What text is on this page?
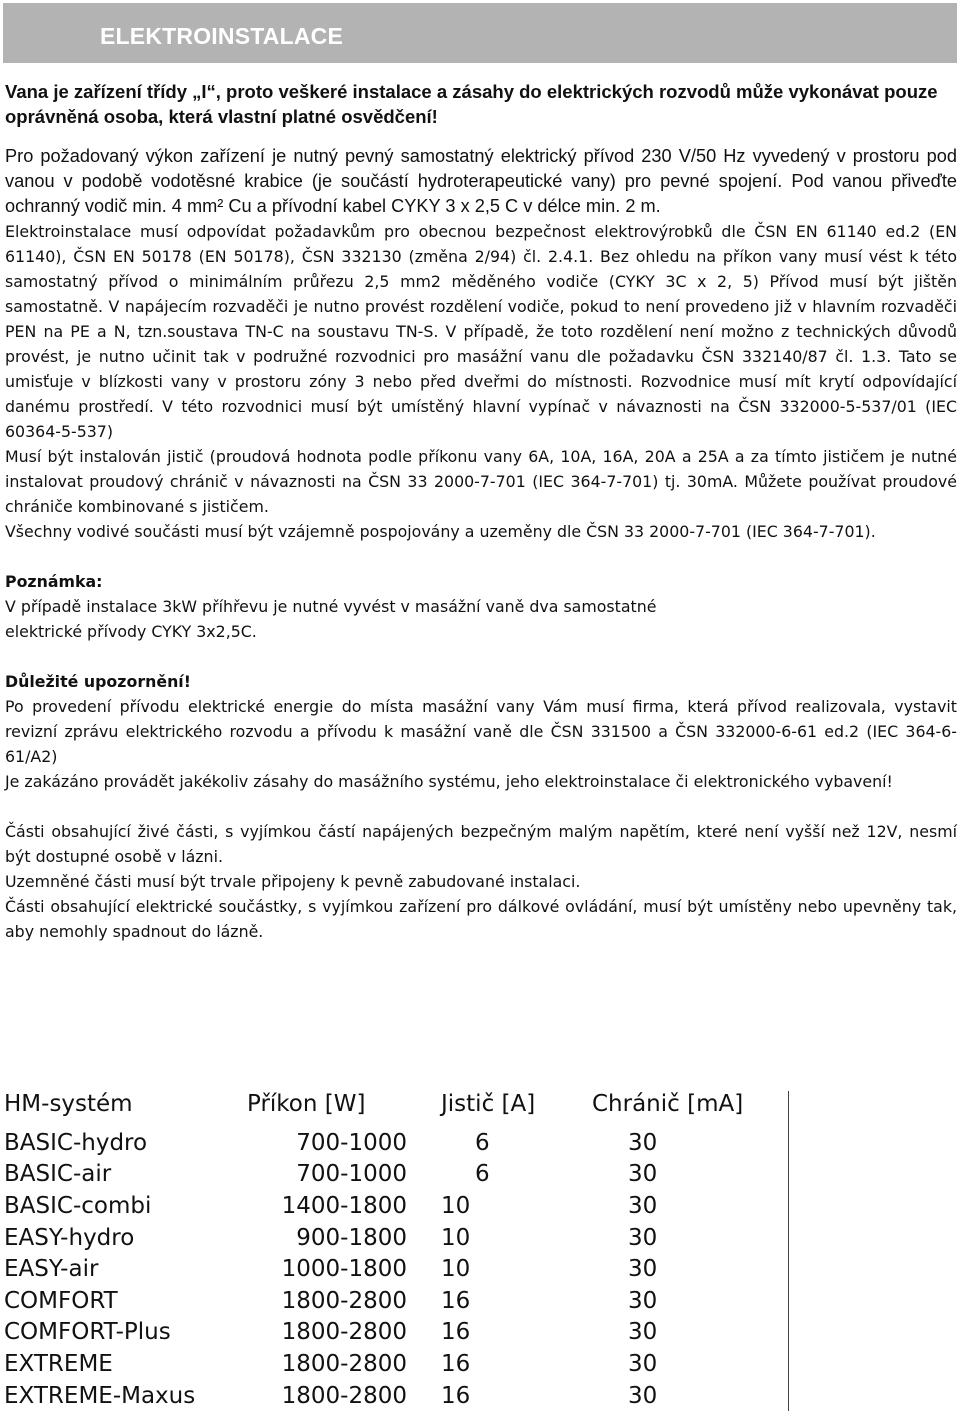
ELEKTROINSTALACE

Vana je zařízení třídy „I“, proto veškeré instalace a zásahy do elektrických rozvodů může vykonávat pouze oprávněná osoba, která vlastní platné osvědčení!

Pro požadovaný výkon zařízení je nutný pevný samostatný elektrický přívod 230 V/50 Hz vyvedený v prostoru pod vanou v podobě vodotěsné krabice (je součástí hydroterapeutické vany) pro pevné spojení. Pod vanou přiveďte ochranný vodič min. 4 mm² Cu a přívodní kabel CYKY 3 x 2,5 C v délce min. 2 m.

Elektroinstalace musí odpovídat požadavkům pro obecnou bezpečnost elektrovýrobků dle ČSN EN 61140 ed.2 (EN 61140), ČSN EN 50178 (EN 50178), ČSN 332130 (změna 2/94) čl. 2.4.1. Bez ohledu na příkon vany musí vést k této samostatný přívod o minimálním průřezu 2,5 mm2 měděného vodiče (CYKY 3C x 2, 5) Přívod musí být jištěn samostatně. V napájecím rozvaděči je nutno provést rozdělení vodiče, pokud to není provedeno již v hlavním rozvaděči PEN na PE a N, tzn.soustava TN-C na soustavu TN-S. V případě, že toto rozdělení není možno z technických důvodů provést, je nutno učinit tak v podružné rozvodnici pro masážní vanu dle požadavku ČSN 332140/87 čl. 1.3. Tato se umisťuje v blízkosti vany v prostoru zóny 3 nebo před dveřmi do místnosti. Rozvodnice musí mít krytí odpovídající danému prostředí. V této rozvodnici musí být umístěný hlavní vypínač v návaznosti na ČSN 332000-5-537/01 (IEC 60364-5-537)

Musí být instalován jistič (proudová hodnota podle příkonu vany 6A, 10A, 16A, 20A a 25A a za tímto jističem je nutné instalovat proudový chránič v návaznosti na ČSN 33 2000-7-701 (IEC 364-7-701) tj. 30mA. Můžete používat proudové chrániče kombinované s jističem.

Všechny vodivé součásti musí být vzájemně pospojovány a uzeměny dle ČSN 33 2000-7-701 (IEC 364-7-701).

Poznámka:

V případě instalace 3kW příhřevu je nutné vyvést v masážní vaně dva samostatné

elektrické přívody CYKY 3x2,5C.

Důležité upozornění!

Po provedení přívodu elektrické energie do místa masážní vany Vám musí firma, která přívod realizovala, vystavit revizní zprávu elektrického rozvodu a přívodu k masážní vaně dle ČSN 331500 a ČSN 332000-6-61 ed.2 (IEC 364-6-61/A2)

Je zakázáno provádět jakékoliv zásahy do masážního systému, jeho elektroinstalace či elektronického vybavení!

Části obsahující živé části, s vyjímkou částí napájených bezpečným malým napětím, které není vyšší než 12V, nesmí být dostupné osobě v lázni.

Uzemněné části musí být trvale připojeny k pevně zabudované instalaci.

Části obsahující elektrické součástky, s vyjímkou zařízení pro dálkové ovládání, musí být umístěny nebo upevněny tak, aby nemohly spadnout do lázně.

HM-systém	Příkon [W]	Jistič [A]	Chránič [mA]
BASIC-hydro	700-1000	6	30
BASIC-air	700-1000	6	30
BASIC-combi	1400-1800	10	30
EASY-hydro	900-1800	10	30
EASY-air	1000-1800	10	30
COMFORT	1800-2800	16	30
COMFORT-Plus	1800-2800	16	30
EXTREME	1800-2800	16	30
EXTREME-Maxus	1800-2800	16	30
